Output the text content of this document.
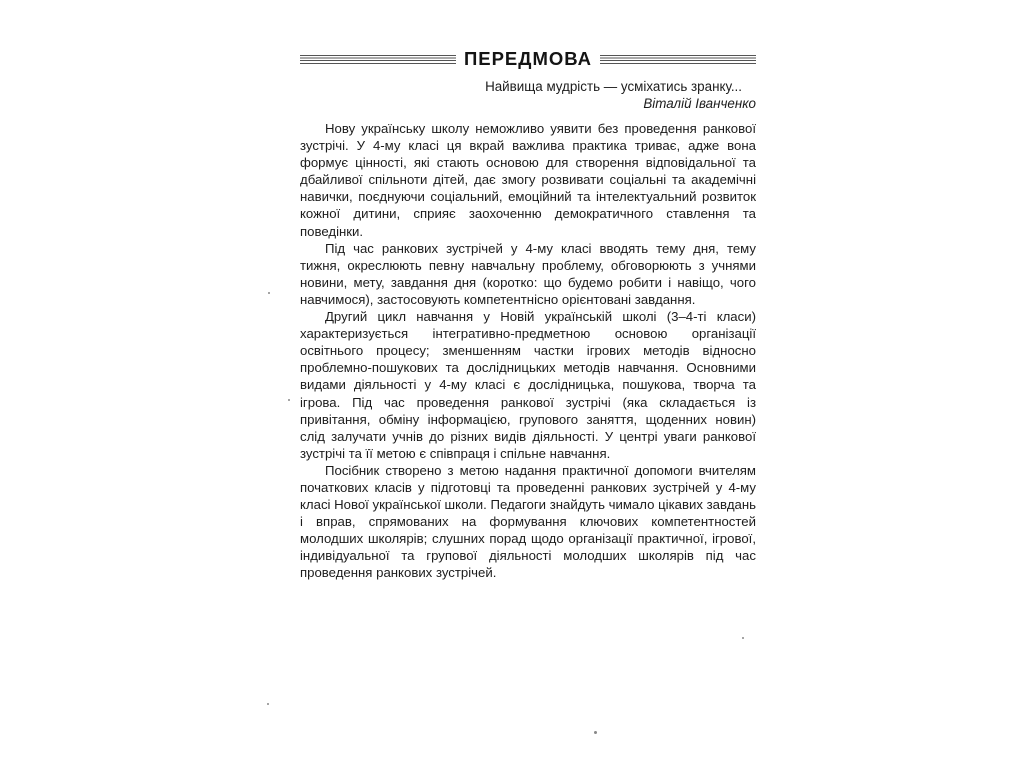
ПЕРЕДМОВА
Найвища мудрість — усміхатись зранку...
Віталій Іванченко

Нову українську школу неможливо уявити без проведення ранкової зустрічі. У 4-му класі ця вкрай важлива практика триває, адже вона формує цінності, які стають основою для створення відповідальної та дбайливої спільноти дітей, дає змогу розвивати соціальні та академічні навички, поєднуючи соціальний, емоційний та інтелектуальний розвиток кожної дитини, сприяє заохоченню демократичного ставлення та поведінки.

Під час ранкових зустрічей у 4-му класі вводять тему дня, тему тижня, окреслюють певну навчальну проблему, обговорюють з учнями новини, мету, завдання дня (коротко: що будемо робити і навіщо, чого навчимося), застосовують компетентнісно орієнтовані завдання.

Другий цикл навчання у Новій українській школі (3–4-ті класи) характеризується інтегративно-предметною основою організації освітнього процесу; зменшенням частки ігрових методів відносно проблемно-пошукових та дослідницьких методів навчання. Основними видами діяльності у 4-му класі є дослідницька, пошукова, творча та ігрова. Під час проведення ранкової зустрічі (яка складається із привітання, обміну інформацією, групового заняття, щоденних новин) слід залучати учнів до різних видів діяльності. У центрі уваги ранкової зустрічі та її метою є співпраця і спільне навчання.

Посібник створено з метою надання практичної допомоги вчителям початкових класів у підготовці та проведенні ранкових зустрічей у 4-му класі Нової української школи. Педагоги знайдуть чимало цікавих завдань і вправ, спрямованих на формування ключових компетентностей молодших школярів; слушних порад щодо організації практичної, ігрової, індивідуальної та групової діяльності молодших школярів під час проведення ранкових зустрічей.
